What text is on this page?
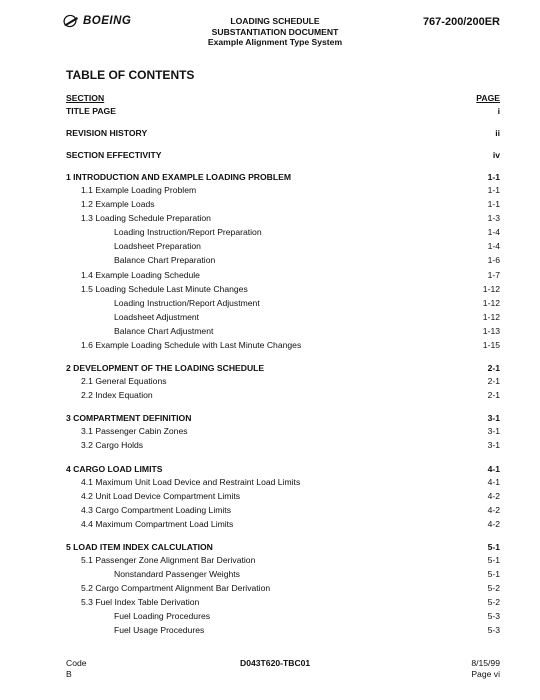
BOEING	LOADING SCHEDULE
SUBSTANTIATION DOCUMENT
Example Alignment Type System
767-200/200ER
TABLE OF CONTENTS
SECTION	PAGE
TITLE PAGE	i
REVISION HISTORY	ii
SECTION EFFECTIVITY	iv
1 INTRODUCTION AND EXAMPLE LOADING PROBLEM	1-1
1.1 Example Loading Problem	1-1
1.2 Example Loads	1-1
1.3 Loading Schedule Preparation	1-3
Loading Instruction/Report Preparation	1-4
Loadsheet Preparation	1-4
Balance Chart Preparation	1-6
1.4 Example Loading Schedule	1-7
1.5 Loading Schedule Last Minute Changes	1-12
Loading Instruction/Report Adjustment	1-12
Loadsheet Adjustment	1-12
Balance Chart Adjustment	1-13
1.6 Example Loading Schedule with Last Minute Changes	1-15
2 DEVELOPMENT OF THE LOADING SCHEDULE	2-1
2.1 General Equations	2-1
2.2 Index Equation	2-1
3 COMPARTMENT DEFINITION	3-1
3.1 Passenger Cabin Zones	3-1
3.2 Cargo Holds	3-1
4 CARGO LOAD LIMITS	4-1
4.1 Maximum Unit Load Device and Restraint Load Limits	4-1
4.2 Unit Load Device Compartment Limits	4-2
4.3 Cargo Compartment Loading Limits	4-2
4.4 Maximum Compartment Load Limits	4-2
5 LOAD ITEM INDEX CALCULATION	5-1
5.1 Passenger Zone Alignment Bar Derivation	5-1
Nonstandard Passenger Weights	5-1
5.2 Cargo Compartment Alignment Bar Derivation	5-2
5.3 Fuel Index Table Derivation	5-2
Fuel Loading Procedures	5-3
Fuel Usage Procedures	5-3
Code
B
D043T620-TBC01	8/15/99
Page vi
